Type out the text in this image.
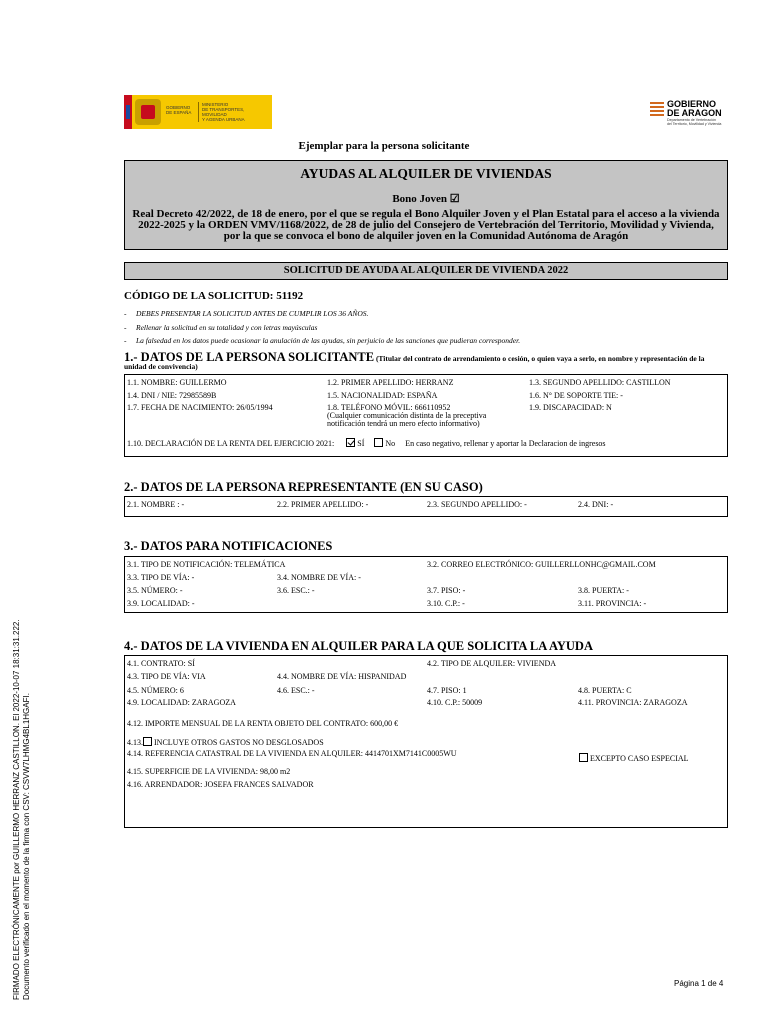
GOBIERNO
DE ESPAÑA
MINISTERIO
DE TRANSPORTES, MOVILIDAD
Y AGENDA URBANA
GOBIERNO
DE ARAGON
Departamento de Vertebración
del Territorio, Movilidad y Vivienda
Ejemplar para la persona solicitante
AYUDAS AL ALQUILER DE VIVIENDAS
Bono Joven ☑
Real Decreto 42/2022, de 18 de enero, por el que se regula el Bono Alquiler Joven y el Plan Estatal para el acceso a la vivienda 2022-2025 y la ORDEN VMV/1168/2022, de 28 de julio del Consejero de Vertebración del Territorio, Movilidad y Vivienda, por la que se convoca el bono de alquiler joven en la Comunidad Autónoma de Aragón
SOLICITUD DE AYUDA AL ALQUILER DE VIVIENDA 2022
CÓDIGO DE LA SOLICITUD: 51192
- DEBES PRESENTAR LA SOLICITUD ANTES DE CUMPLIR LOS 36 AÑOS.
- Rellenar la solicitud en su totalidad y con letras mayúsculas
- La falsedad en los datos puede ocasionar la anulación de las ayudas, sin perjuicio de las sanciones que pudieran corresponder.
1.- DATOS DE LA PERSONA SOLICITANTE (Titular del contrato de arrendamiento o cesión, o quien vaya a serlo, en nombre y representación de la unidad de convivencia)
1.1. NOMBRE: GUILLERMO	1.2. PRIMER APELLIDO: HERRANZ	1.3. SEGUNDO APELLIDO: CASTILLON
1.4. DNI / NIE: 72985589B	1.5. NACIONALIDAD: ESPAÑA	1.6. N° DE SOPORTE TIE: -
1.7. FECHA DE NACIMIENTO: 26/05/1994	1.8. TELÉFONO MÓVIL: 666110952
(Cualquier comunicación distinta de la preceptiva
notificación tendrá un mero efecto informativo)
1.9. DISCAPACIDAD: N
1.10. DECLARACIÓN DE LA RENTA DEL EJERCICIO 2021:	SÍ	No En caso negativo, rellenar y aportar la Declaracion de ingresos
2.- DATOS DE LA PERSONA REPRESENTANTE (EN SU CASO)
2.1. NOMBRE : -	2.2. PRIMER APELLIDO: -	2.3. SEGUNDO APELLIDO: -	2.4. DNI: -
3.- DATOS PARA NOTIFICACIONES
3.1. TIPO DE NOTIFICACIÓN: TELEMÁTICA	3.2. CORREO ELECTRÓNICO: GUILLERLLONHC@GMAIL.COM
3.3. TIPO DE VÍA: -	3.4. NOMBRE DE VÍA: -
3.5. NÚMERO: -	3.6. ESC.: -	3.7. PISO: -	3.8. PUERTA: -
3.9. LOCALIDAD: -	3.10. C.P.: -	3.11. PROVINCIA: -
4.- DATOS DE LA VIVIENDA EN ALQUILER PARA LA QUE SOLICITA LA AYUDA
4.1. CONTRATO: SÍ	4.2. TIPO DE ALQUILER: VIVIENDA
4.3. TIPO DE VÍA: VIA	4.4. NOMBRE DE VÍA: HISPANIDAD
4.5. NÚMERO: 6	4.6. ESC.: -	4.7. PISO: 1	4.8. PUERTA: C
4.9. LOCALIDAD: ZARAGOZA	4.10. C.P.: 50009	4.11. PROVINCIA: ZARAGOZA
4.12. IMPORTE MENSUAL DE LA RENTA OBJETO DEL CONTRATO: 600,00 €
4.13. INCLUYE OTROS GASTOS NO DESGLOSADOS
4.14. REFERENCIA CATASTRAL DE LA VIVIENDA EN ALQUILER: 4414701XM7141C0005WU
EXCEPTO CASO ESPECIAL
4.15. SUPERFICIE DE LA VIVIENDA: 98,00 m2
4.16. ARRENDADOR: JOSEFA FRANCES SALVADOR
FIRMADO ELECTRÓNICAMENTE por GUILLERMO HERRANZ CASTILLON. El 2022-10-07 18:31:31.222. Documento verificado en el momento de la firma con CSV: CSVW7LHMG4BL1HGAFI.	Página 1 de 4
